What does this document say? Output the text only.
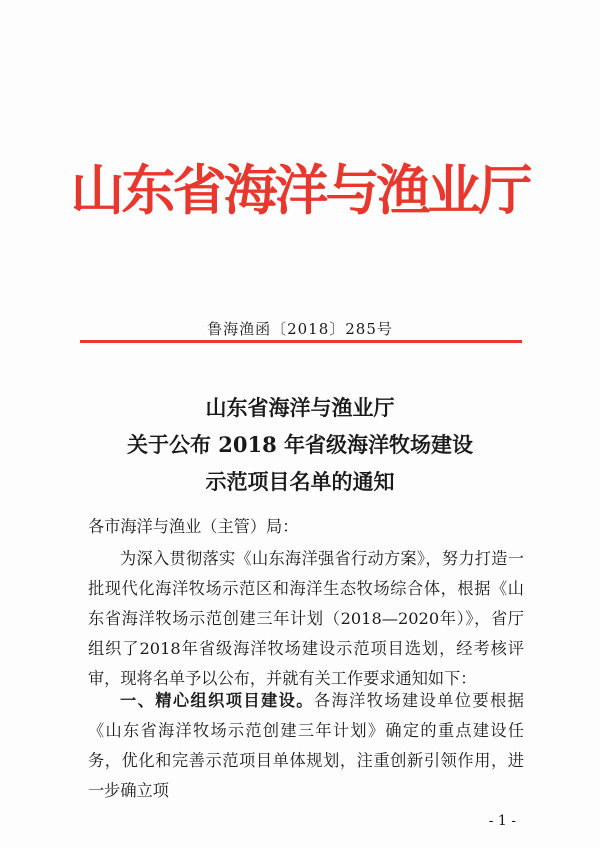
山东省海洋与渔业厅
鲁海渔函〔2018〕285号
山东省海洋与渔业厅
关于公布 2018 年省级海洋牧场建设
示范项目名单的通知
各市海洋与渔业（主管）局：
为深入贯彻落实《山东海洋强省行动方案》，努力打造一批现代化海洋牧场示范区和海洋生态牧场综合体，根据《山东省海洋牧场示范创建三年计划（2018—2020年）》，省厅组织了2018年省级海洋牧场建设示范项目选划，经考核评审，现将名单予以公布，并就有关工作要求通知如下：
一、精心组织项目建设。各海洋牧场建设单位要根据《山东省海洋牧场示范创建三年计划》确定的重点建设任务，优化和完善示范项目单体规划，注重创新引领作用，进一步确立项
- 1 -
